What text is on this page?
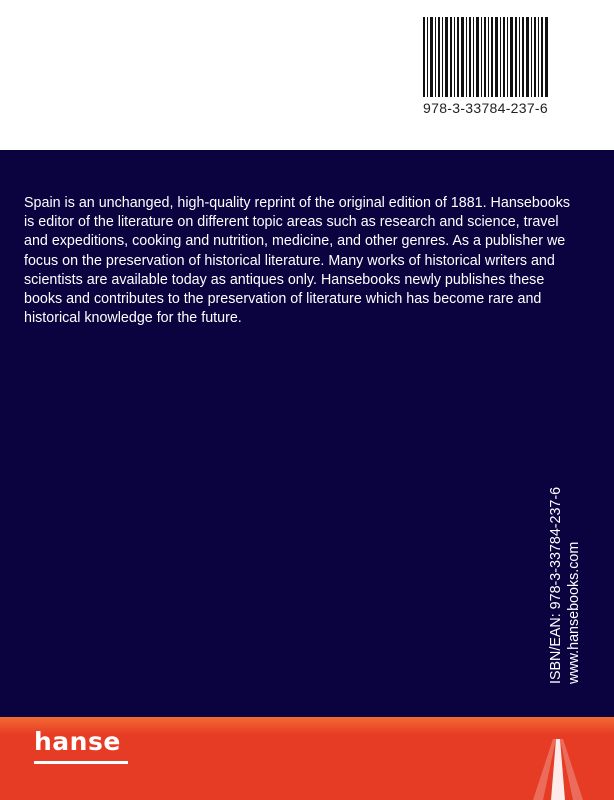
978-3-33784-237-6

Spain is an unchanged, high-quality reprint of the original edition of 1881. Hansebooks is editor of the literature on different topic areas such as research and science, travel and expeditions, cooking and nutrition, medicine, and other genres. As a publisher we focus on the preservation of historical literature. Many works of historical writers and scientists are available today as antiques only. Hansebooks newly publishes these books and contributes to the preservation of literature which has become rare and historical knowledge for the future.

ISBN/EAN: 978-3-33784-237-6 www.hansebooks.com
hanse
